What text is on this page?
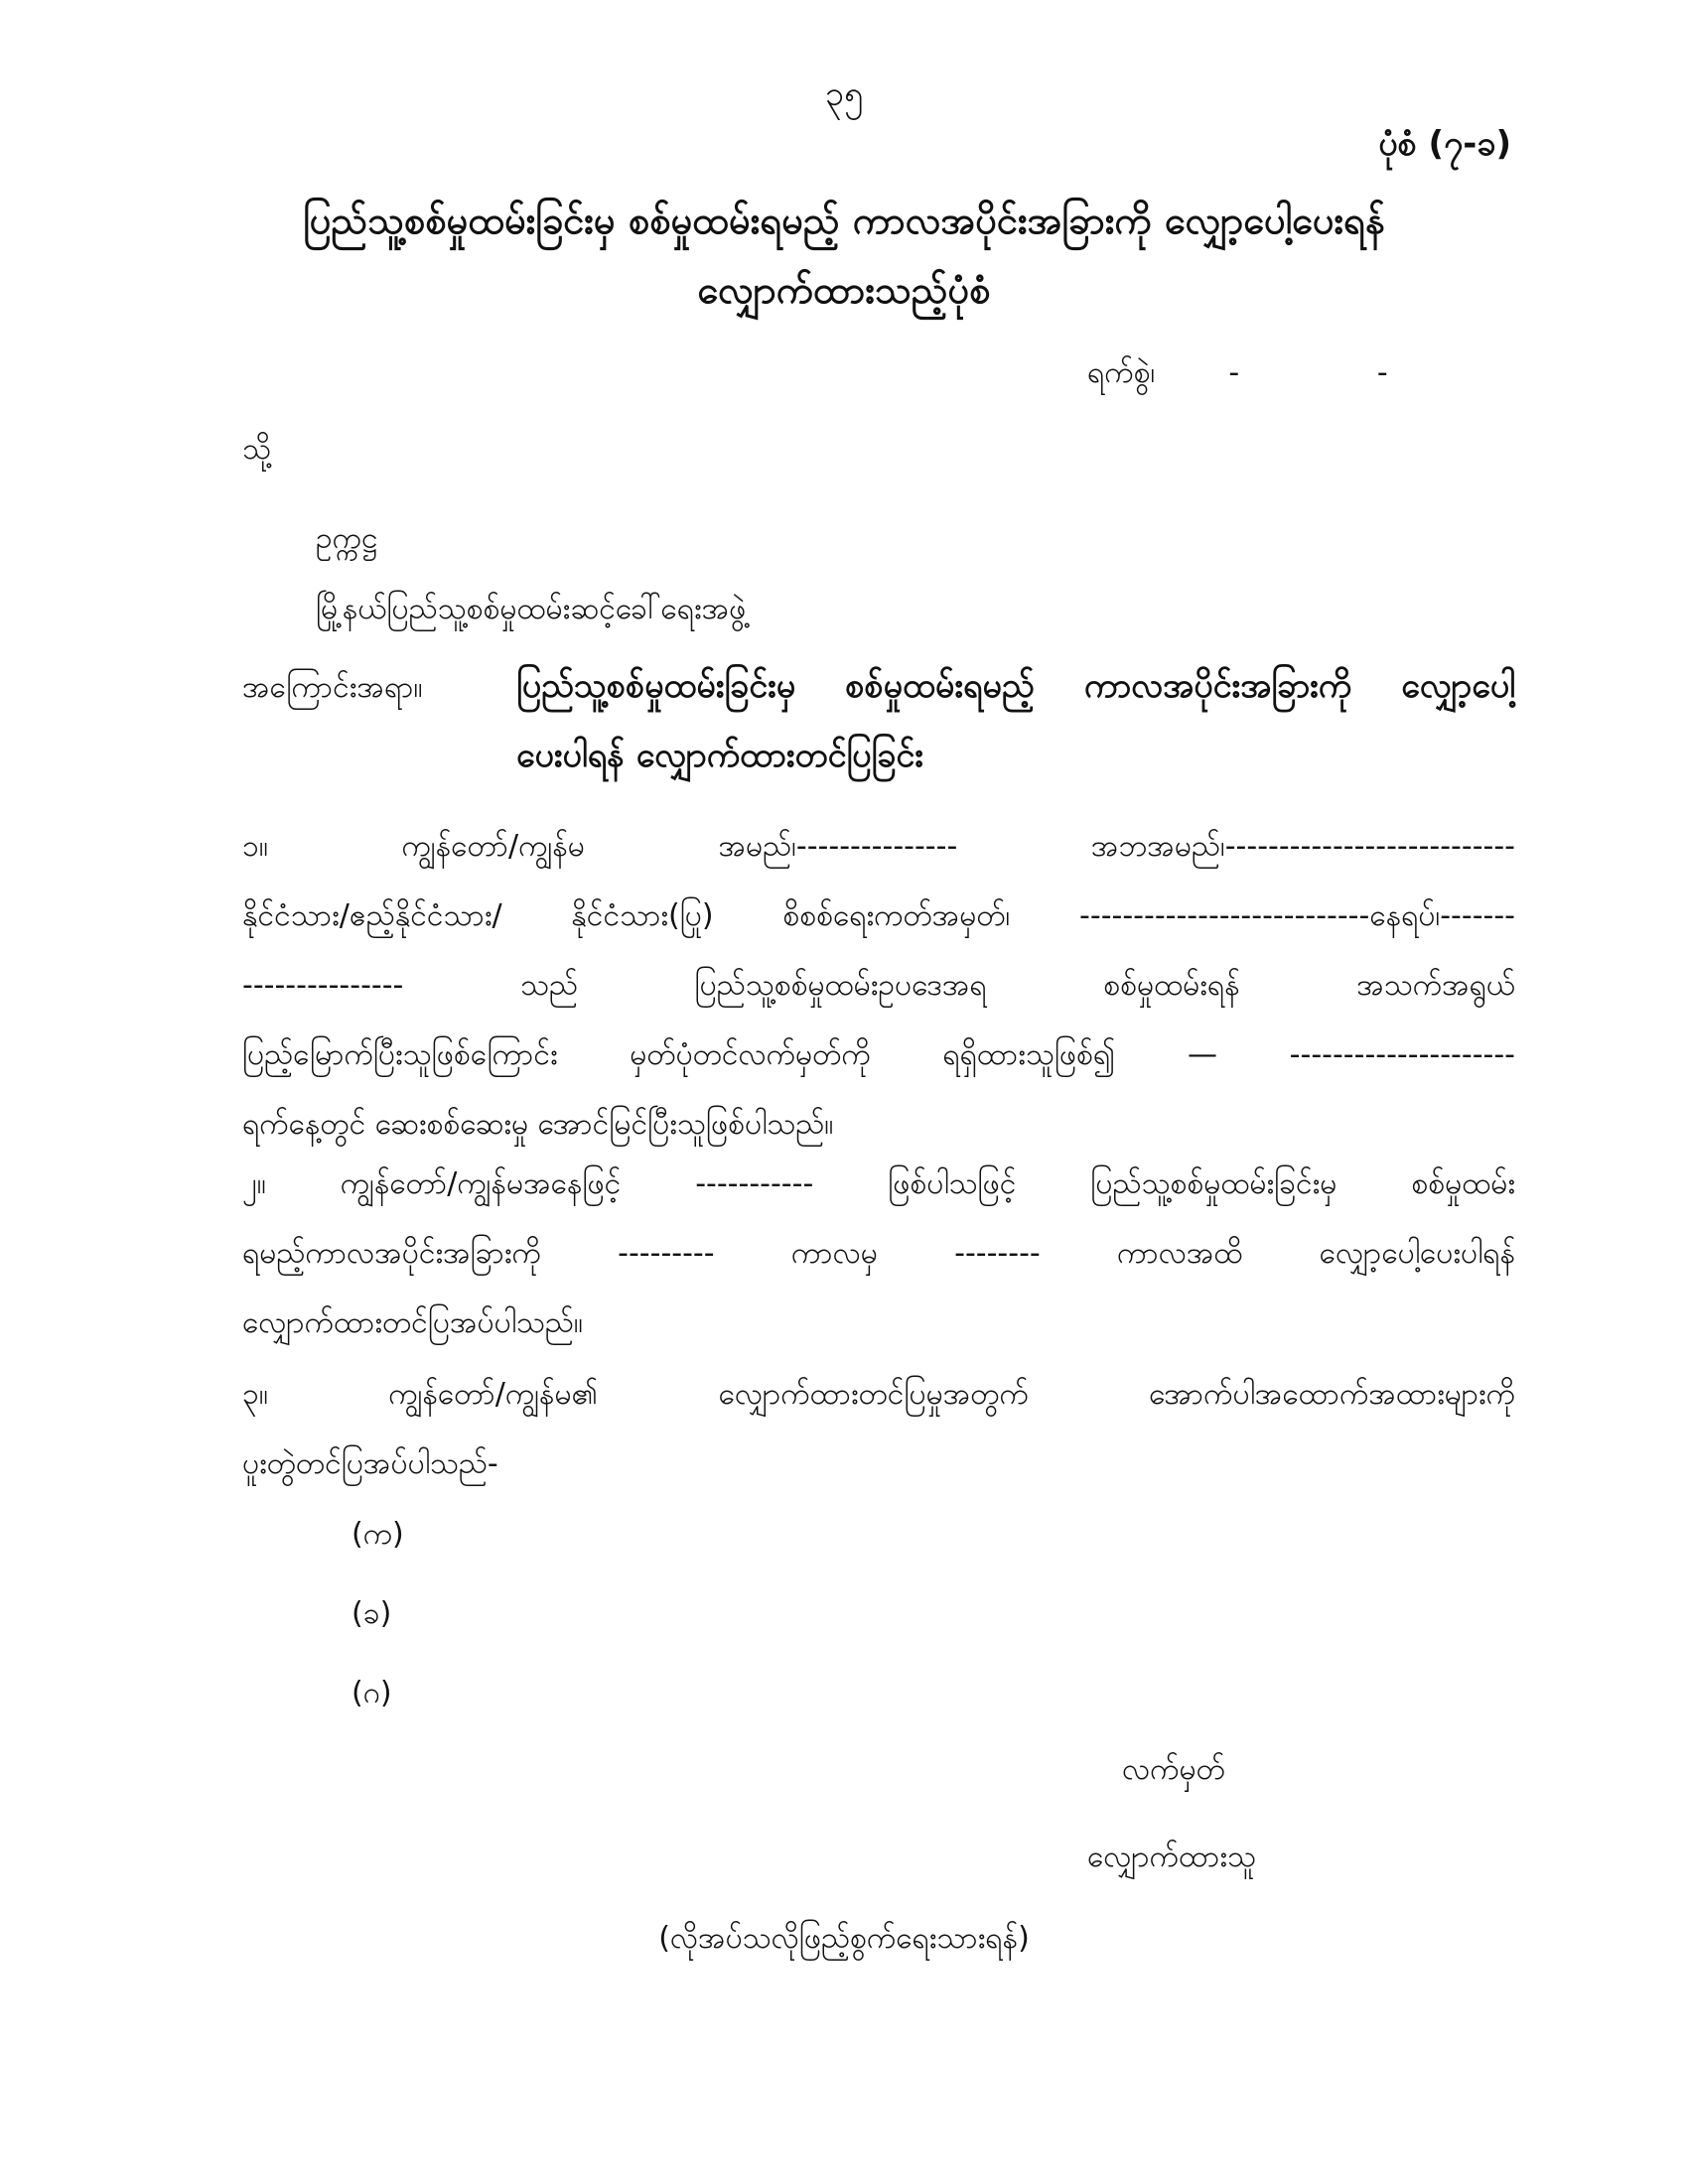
၃၅
ပုံစံ (၇-ခ)
ပြည်သူ့စစ်မှုထမ်းခြင်းမှ စစ်မှုထမ်းရမည့် ကာလအပိုင်းအခြားကို လျှော့ပေါ့ပေးရန်
လျှောက်ထားသည့်ပုံစံ
ရက်စွဲ၊ -	-
သို့
ဥက္ကဋ္ဌ
မြို့နယ်ပြည်သူ့စစ်မှုထမ်းဆင့်ခေါ်ရေးအဖွဲ့
အကြောင်းအရာ။	ပြည်သူ့စစ်မှုထမ်းခြင်းမှ စစ်မှုထမ်းရမည့် ကာလအပိုင်းအခြားကို လျှော့ပေါ့
ပေးပါရန် လျှောက်ထားတင်ပြခြင်း
၁။ ကျွန်တော်/ကျွန်မ အမည်၊--------------- အဘအမည်၊---------------------------
နိုင်ငံသား/ဧည့်နိုင်ငံသား/ နိုင်ငံသား(ပြု) စိစစ်ရေးကတ်အမှတ်၊ ---------------------------နေရပ်၊-------
--------------- သည် ပြည်သူ့စစ်မှုထမ်းဥပဒေအရ စစ်မှုထမ်းရန် အသက်အရွယ်
ပြည့်မြောက်ပြီးသူဖြစ်ကြောင်း မှတ်ပုံတင်လက်မှတ်ကို ရရှိထားသူဖြစ်၍ — ---------------------
ရက်နေ့တွင် ဆေးစစ်ဆေးမှု အောင်မြင်ပြီးသူဖြစ်ပါသည်။
၂။ ကျွန်တော်/ကျွန်မအနေဖြင့် ----------- ဖြစ်ပါသဖြင့် ပြည်သူ့စစ်မှုထမ်းခြင်းမှ စစ်မှုထမ်း
ရမည့်ကာလအပိုင်းအခြားကို --------- ကာလမှ -------- ကာလအထိ လျှော့ပေါ့ပေးပါရန်
လျှောက်ထားတင်ပြအပ်ပါသည်။
၃။ ကျွန်တော်/ကျွန်မ၏ လျှောက်ထားတင်ပြမှုအတွက် အောက်ပါအထောက်အထားများကို
ပူးတွဲတင်ပြအပ်ပါသည်-
(က)
(ခ)
(ဂ)
လက်မှတ်
လျှောက်ထားသူ
(လိုအပ်သလိုဖြည့်စွက်ရေးသားရန်)
